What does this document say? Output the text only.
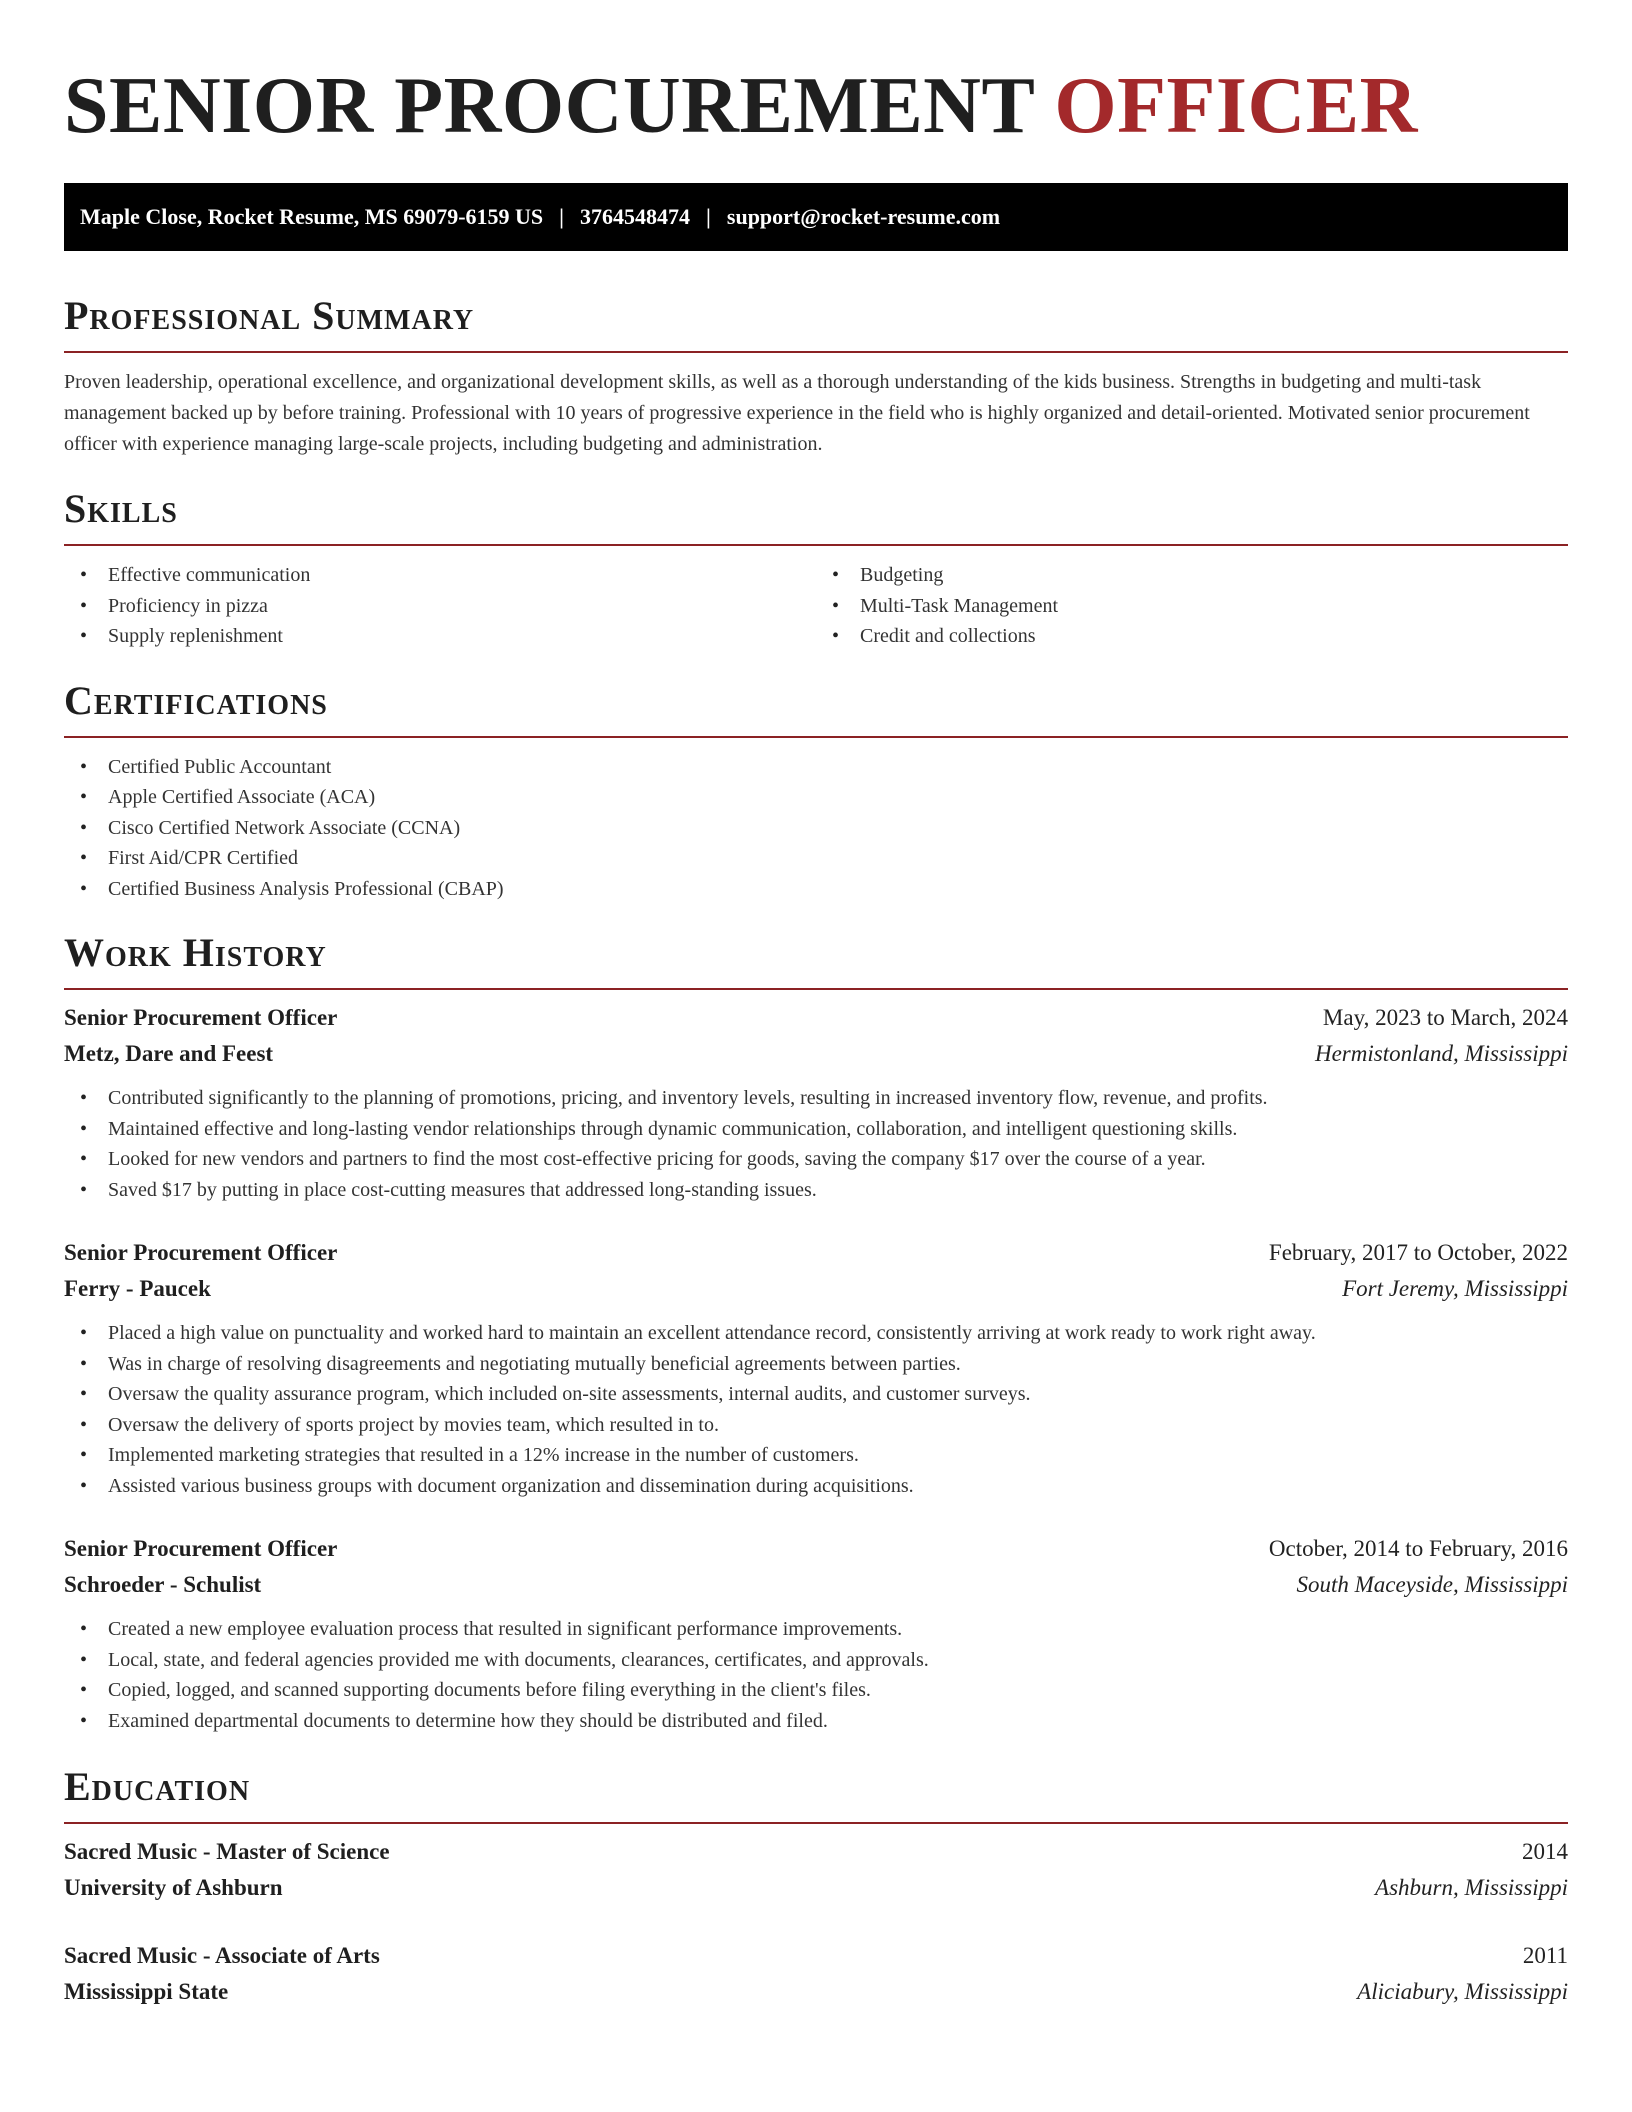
SENIOR PROCUREMENT OFFICER
Maple Close, Rocket Resume, MS 69079-6159 US | 3764548474 | support@rocket-resume.com
Professional Summary

Proven leadership, operational excellence, and organizational development skills, as well as a thorough understanding of the kids business. Strengths in budgeting and multi-task management backed up by before training. Professional with 10 years of progressive experience in the field who is highly organized and detail-oriented. Motivated senior procurement officer with experience managing large-scale projects, including budgeting and administration.

Skills
• Effective communication
• Proficiency in pizza
• Supply replenishment
• Budgeting
• Multi-Task Management
• Credit and collections
Certifications
• Certified Public Accountant
• Apple Certified Associate (ACA)
• Cisco Certified Network Associate (CCNA)
• First Aid/CPR Certified
• Certified Business Analysis Professional (CBAP)
Work History
Senior Procurement Officer	May, 2023 to March, 2024
Metz, Dare and Feest	Hermistonland, Mississippi
• Contributed significantly to the planning of promotions, pricing, and inventory levels, resulting in increased inventory flow, revenue, and profits.
• Maintained effective and long-lasting vendor relationships through dynamic communication, collaboration, and intelligent questioning skills.
• Looked for new vendors and partners to find the most cost-effective pricing for goods, saving the company $17 over the course of a year.
• Saved $17 by putting in place cost-cutting measures that addressed long-standing issues.
Senior Procurement Officer	February, 2017 to October, 2022
Ferry - Paucek	Fort Jeremy, Mississippi
• Placed a high value on punctuality and worked hard to maintain an excellent attendance record, consistently arriving at work ready to work right away.
• Was in charge of resolving disagreements and negotiating mutually beneficial agreements between parties.
• Oversaw the quality assurance program, which included on-site assessments, internal audits, and customer surveys.
• Oversaw the delivery of sports project by movies team, which resulted in to.
• Implemented marketing strategies that resulted in a 12% increase in the number of customers.
• Assisted various business groups with document organization and dissemination during acquisitions.
Senior Procurement Officer	October, 2014 to February, 2016
Schroeder - Schulist	South Maceyside, Mississippi
• Created a new employee evaluation process that resulted in significant performance improvements.
• Local, state, and federal agencies provided me with documents, clearances, certificates, and approvals.
• Copied, logged, and scanned supporting documents before filing everything in the client's files.
• Examined departmental documents to determine how they should be distributed and filed.
Education
Sacred Music - Master of Science	2014
University of Ashburn	Ashburn, Mississippi
Sacred Music - Associate of Arts	2011
Mississippi State	Aliciabury, Mississippi
